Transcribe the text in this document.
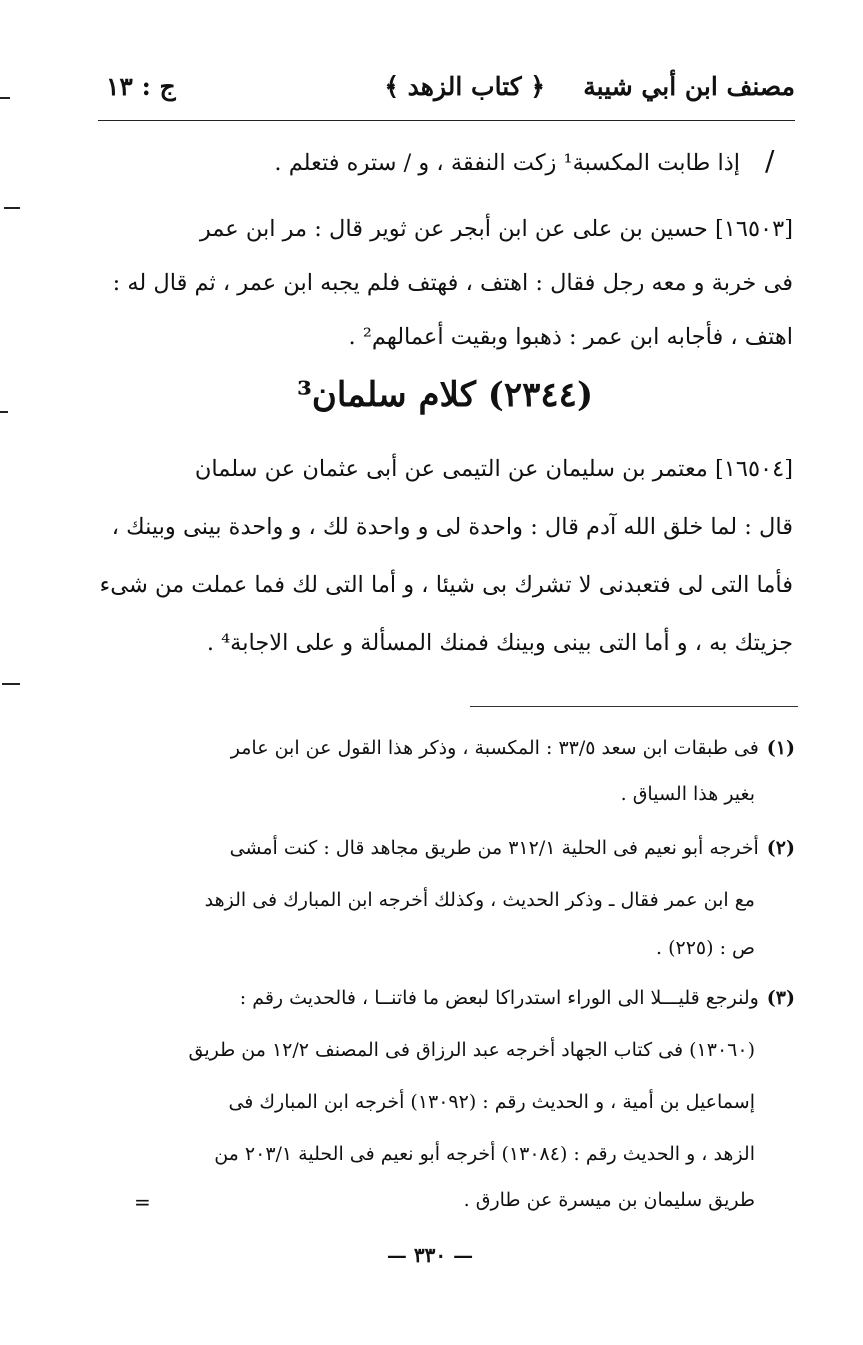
مصنف ابن أبي شيبة
﴿ كتاب الزهد ﴾
ج : ١٣
/
إذا طابت المكسبة¹ زكت النفقة ، و / ستره فتعلم .
[١٦٥٠٣] حسين بن على عن ابن أبجر عن ثوير قال : مر ابن عمر
فى خربة و معه رجل فقال : اهتف ، فهتف فلم يجبه ابن عمر ، ثم قال له :
اهتف ، فأجابه ابن عمر : ذهبوا وبقيت أعمالهم² .
(٢٣٤٤) كلام سلمان³
[١٦٥٠٤] معتمر بن سليمان عن التيمى عن أبى عثمان عن سلمان
قال : لما خلق الله آدم قال : واحدة لى و واحدة لك ، و واحدة بينى وبينك ،
فأما التى لى فتعبدنى لا تشرك بى شيئا ، و أما التى لك فما عملت من شىء
جزيتك به ، و أما التى بينى وبينك فمنك المسألة و على الاجابة⁴ .
(١)
فى طبقات ابن سعد ٣٣/٥ : المكسبة ، وذكر هذا القول عن ابن عامر
بغير هذا السياق .
(٢)
أخرجه أبو نعيم فى الحلية ٣١٢/١ من طريق مجاهد قال : كنت أمشى
مع ابن عمر فقال ـ وذكر الحديث ، وكذلك أخرجه ابن المبارك فى الزهد
ص : (٢٢٥) .
(٣)
ولنرجع قليـــلا الى الوراء استدراكا لبعض ما فاتنــا ، فالحديث رقم :
(١٣٠٦٠) فى كتاب الجهاد أخرجه عبد الرزاق فى المصنف ١٢/٢ من طريق
إسماعيل بن أمية ، و الحديث رقم : (١٣٠٩٢) أخرجه ابن المبارك فى
الزهد ، و الحديث رقم : (١٣٠٨٤) أخرجه أبو نعيم فى الحلية ٢٠٣/١ من
طريق سليمان بن ميسرة عن طارق .
=
— ٣٣٠ —
